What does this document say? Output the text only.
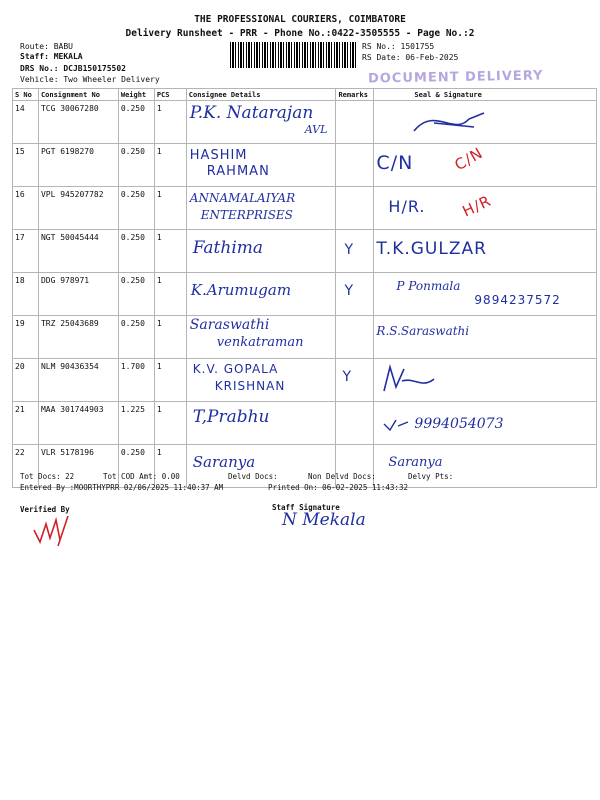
THE PROFESSIONAL COURIERS, COIMBATORE
Delivery Runsheet - PRR - Phone No.:0422-3505555 - Page No.:2
Route: BABU
Staff: MEKALA
DRS No.: DCJB150175502
Vehicle: Two Wheeler Delivery
RS No.: 1501755
RS Date: 06-Feb-2025
DOCUMENT DELIVERY
S No	Consignment No	Weight	PCS	Consignee Details	Remarks	Seal & Signature
14	TCG 30067280	0.250	1	P.K. Natarajan
AVL

15	PGT 6198270	0.250	1	HASHIM
RAHMAN		C/N C/N

16	VPL 945207782	0.250	1	ANNAMALAIYAR
ENTERPRISES		H/R. H/R

17	NGT 50045444	0.250	1	Fathima	Y	T.K.GULZAR

18	DDG 978971	0.250	1	K.Arumugam	Y	P Ponmala
9894237572

19	TRZ 25043689	0.250	1	Saraswathi
venkatraman		R.S.Saraswathi

20	NLM 90436354	1.700	1	K.V. GOPALA
KRISHNAN	Y

21	MAA 301744903	1.225	1	T,Prabhu		9994054073

22	VLR 5178196	0.250	1	Saranya		Saranya
Tot Docs: 22	Tot COD Amt: 0.00	Delvd Docs:	Non Delvd Docs:	Delvy Pts:
Entered By :MOORTHYPRR 02/06/2025 11:40:37 AM	Printed On: 06-02-2025 11:43:32
Verified By	Staff Signature
N Mekala
